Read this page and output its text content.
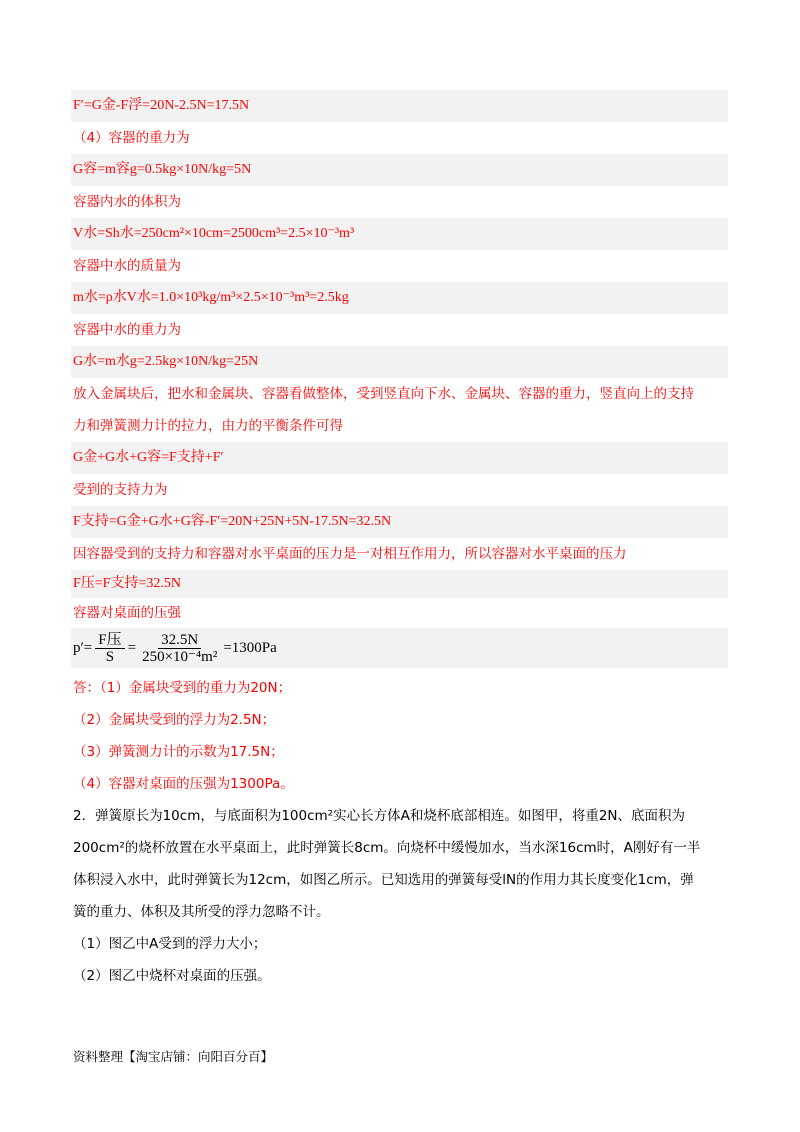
F′=G金-F浮=20N-2.5N=17.5N
（4）容器的重力为
G容=m容g=0.5kg×10N/kg=5N
容器内水的体积为
V水=Sh水=250cm²×10cm=2500cm³=2.5×10⁻³m³
容器中水的质量为
m水=ρ水V水=1.0×10³kg/m³×2.5×10⁻³m³=2.5kg
容器中水的重力为
G水=m水g=2.5kg×10N/kg=25N
放入金属块后，把水和金属块、容器看做整体，受到竖直向下水、金属块、容器的重力，竖直向上的支持
力和弹簧测力计的拉力，由力的平衡条件可得
G金+G水+G容=F支持+F′
受到的支持力为
F支持=G金+G水+G容-F′=20N+25N+5N-17.5N=32.5N
因容器受到的支持力和容器对水平桌面的压力是一对相互作用力，所以容器对水平桌面的压力
F压=F支持=32.5N
容器对桌面的压强
$p'= \frac{\text{F压}}{S} = \frac{32.5N}{\text{250×10⁻⁴m²}} =1300Pa$
答：（1）金属块受到的重力为20N；
（2）金属块受到的浮力为2.5N；
（3）弹簧测力计的示数为17.5N；
（4）容器对桌面的压强为1300Pa。
2．弹簧原长为10cm，与底面积为100cm²实心长方体A和烧杯底部相连。如图甲，将重2N、底面积为
200cm²的烧杯放置在水平桌面上，此时弹簧长8cm。向烧杯中缓慢加水，当水深16cm时，A刚好有一半
体积浸入水中，此时弹簧长为12cm，如图乙所示。已知选用的弹簧每受lN的作用力其长度变化1cm，弹
簧的重力、体积及其所受的浮力忽略不计。
（1）图乙中A受到的浮力大小；
（2）图乙中烧杯对桌面的压强。
资料整理【淘宝店铺：向阳百分百】
